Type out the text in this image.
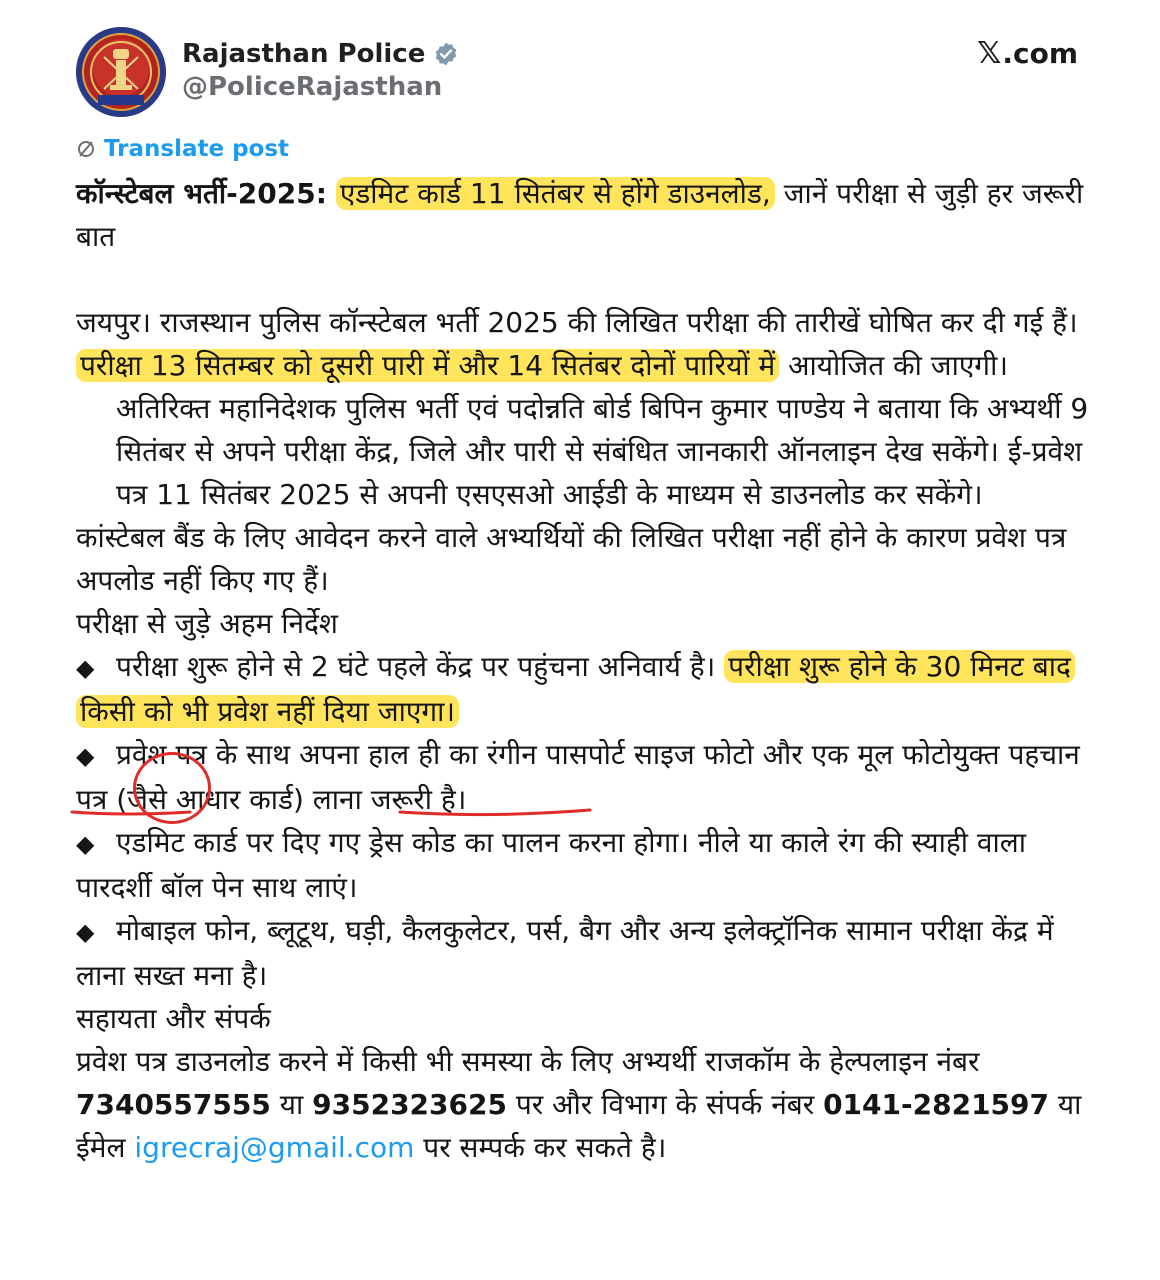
Rajasthan Police
@PoliceRajasthan
𝕏 .com
Translate post

कॉन्स्टेबल भर्ती-2025: एडमिट कार्ड 11 सितंबर से होंगे डाउनलोड, जानें परीक्षा से जुड़ी हर जरूरी बात

जयपुर। राजस्थान पुलिस कॉन्स्टेबल भर्ती 2025 की लिखित परीक्षा की तारीखें घोषित कर दी गई हैं। परीक्षा 13 सितम्बर को दूसरी पारी में और 14 सितंबर दोनों पारियों में आयोजित की जाएगी।

अतिरिक्त महानिदेशक पुलिस भर्ती एवं पदोन्नति बोर्ड बिपिन कुमार पाण्डेय ने बताया कि अभ्यर्थी 9 सितंबर से अपने परीक्षा केंद्र, जिले और पारी से संबंधित जानकारी ऑनलाइन देख सकेंगे। ई-प्रवेश पत्र 11 सितंबर 2025 से अपनी एसएसओ आईडी के माध्यम से डाउनलोड कर सकेंगे।

कांस्टेबल बैंड के लिए आवेदन करने वाले अभ्यर्थियों की लिखित परीक्षा नहीं होने के कारण प्रवेश पत्र अपलोड नहीं किए गए हैं।

परीक्षा से जुड़े अहम निर्देश

◆ परीक्षा शुरू होने से 2 घंटे पहले केंद्र पर पहुंचना अनिवार्य है। परीक्षा शुरू होने के 30 मिनट बाद किसी को भी प्रवेश नहीं दिया जाएगा।

◆ प्रवेश पत्र के साथ अपना हाल ही का रंगीन पासपोर्ट साइज फोटो और एक मूल फोटोयुक्त पहचान पत्र (जैसे आधार कार्ड) लाना जरूरी है।

◆ एडमिट कार्ड पर दिए गए ड्रेस कोड का पालन करना होगा। नीले या काले रंग की स्याही वाला पारदर्शी बॉल पेन साथ लाएं।

◆ मोबाइल फोन, ब्लूटूथ, घड़ी, कैलकुलेटर, पर्स, बैग और अन्य इलेक्ट्रॉनिक सामान परीक्षा केंद्र में लाना सख्त मना है।

सहायता और संपर्क

प्रवेश पत्र डाउनलोड करने में किसी भी समस्या के लिए अभ्यर्थी राजकॉम के हेल्पलाइन नंबर 7340557555 या 9352323625 पर और विभाग के संपर्क नंबर 0141-2821597 या ईमेल igrecraj@gmail.com पर सम्पर्क कर सकते है।
